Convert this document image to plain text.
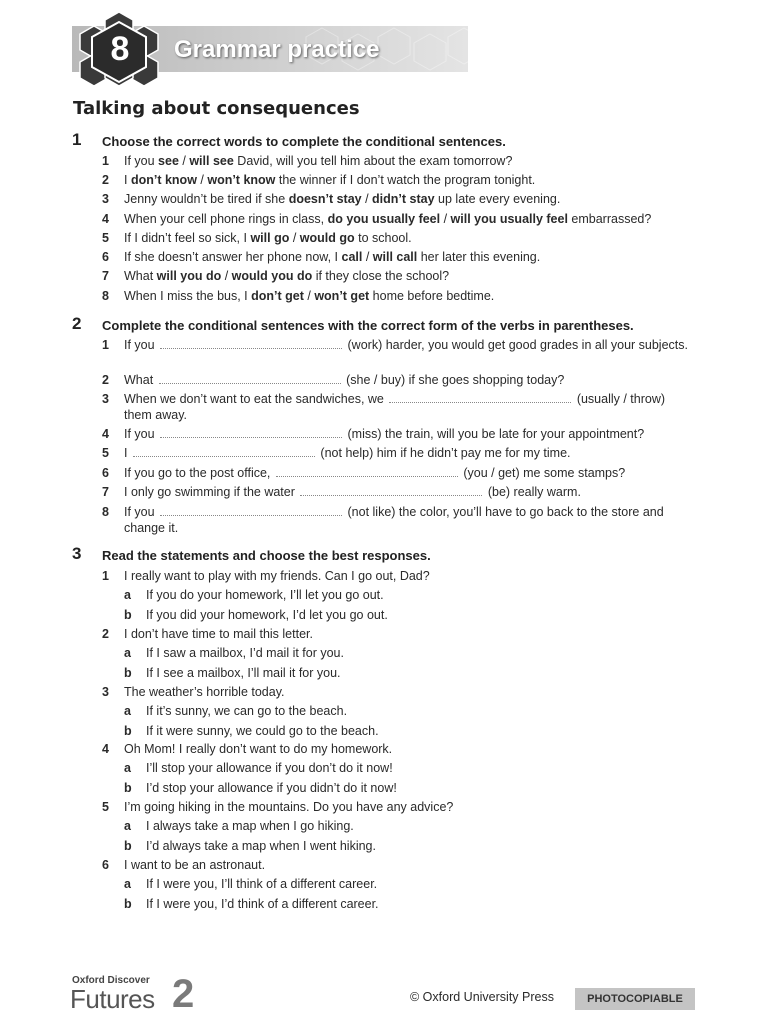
8	Grammar practice
Talking about consequences
1 Choose the correct words to complete the conditional sentences.
1	If you see / will see David, will you tell him about the exam tomorrow?
2	I don’t know / won’t know the winner if I don’t watch the program tonight.
3	Jenny wouldn’t be tired if she doesn’t stay / didn’t stay up late every evening.
4	When your cell phone rings in class, do you usually feel / will you usually feel embarrassed?
5	If I didn’t feel so sick, I will go / would go to school.
6	If she doesn’t answer her phone now, I call / will call her later this evening.
7	What will you do / would you do if they close the school?
8	When I miss the bus, I don’t get / won’t get home before bedtime.
2 Complete the conditional sentences with the correct form of the verbs in parentheses.
1	If you	(work) harder, you would get good grades in all your subjects.
2	What	(she / buy) if she goes shopping today?
3	When we don’t want to eat the sandwiches, we	(usually / throw) them away.
4	If you	(miss) the train, will you be late for your appointment?
5	I	(not help) him if he didn’t pay me for my time.
6	If you go to the post office,	(you / get) me some stamps?
7	I only go swimming if the water	(be) really warm.
8	If you	(not like) the color, you’ll have to go back to the store and change it.
3 Read the statements and choose the best responses.
1	I really want to play with my friends. Can I go out, Dad?
a	If you do your homework, I’ll let you go out.
b	If you did your homework, I’d let you go out.
2	I don’t have time to mail this letter.
a	If I saw a mailbox, I’d mail it for you.
b	If I see a mailbox, I’ll mail it for you.
3	The weather’s horrible today.
a	If it’s sunny, we can go to the beach.
b	If it were sunny, we could go to the beach.
4	Oh Mom! I really don’t want to do my homework.
a	I’ll stop your allowance if you don’t do it now!
b	I’d stop your allowance if you didn’t do it now!
5	I’m going hiking in the mountains. Do you have any advice?
a	I always take a map when I go hiking.
b	I’d always take a map when I went hiking.
6	I want to be an astronaut.
a	If I were you, I’ll think of a different career.
b	If I were you, I’d think of a different career.
Oxford Discover
Futures 2	© Oxford University Press	PHOTOCOPIABLE
